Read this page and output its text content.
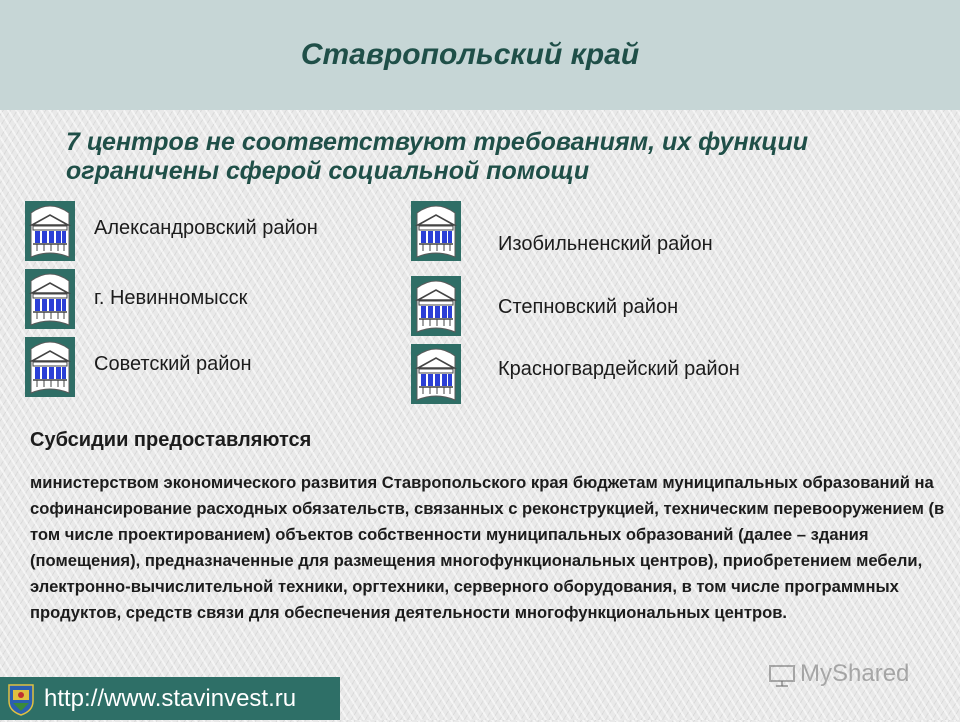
Ставропольский край

7 центров не соответствуют требованиям, их функции ограничены сферой социальной помощи

Александровский район
г. Невинномысск
Советский район
Изобильненский район
Степновский район
Красногвардейский район
Субсидии предоставляются

министерством экономического развития Ставропольского края бюджетам муниципальных образований на софинансирование расходных обязательств, связанных с реконструкцией, техническим перевооружением (в том числе проектированием) объектов собственности муниципальных образований (далее – здания (помещения), предназначенные для размещения многофункциональных центров), приобретением мебели, электронно-вычислительной техники, оргтехники, серверного оборудования, в том числе программных продуктов, средств связи для обеспечения деятельности многофункциональных центров.

MyShared
http://www.stavinvest.ru
